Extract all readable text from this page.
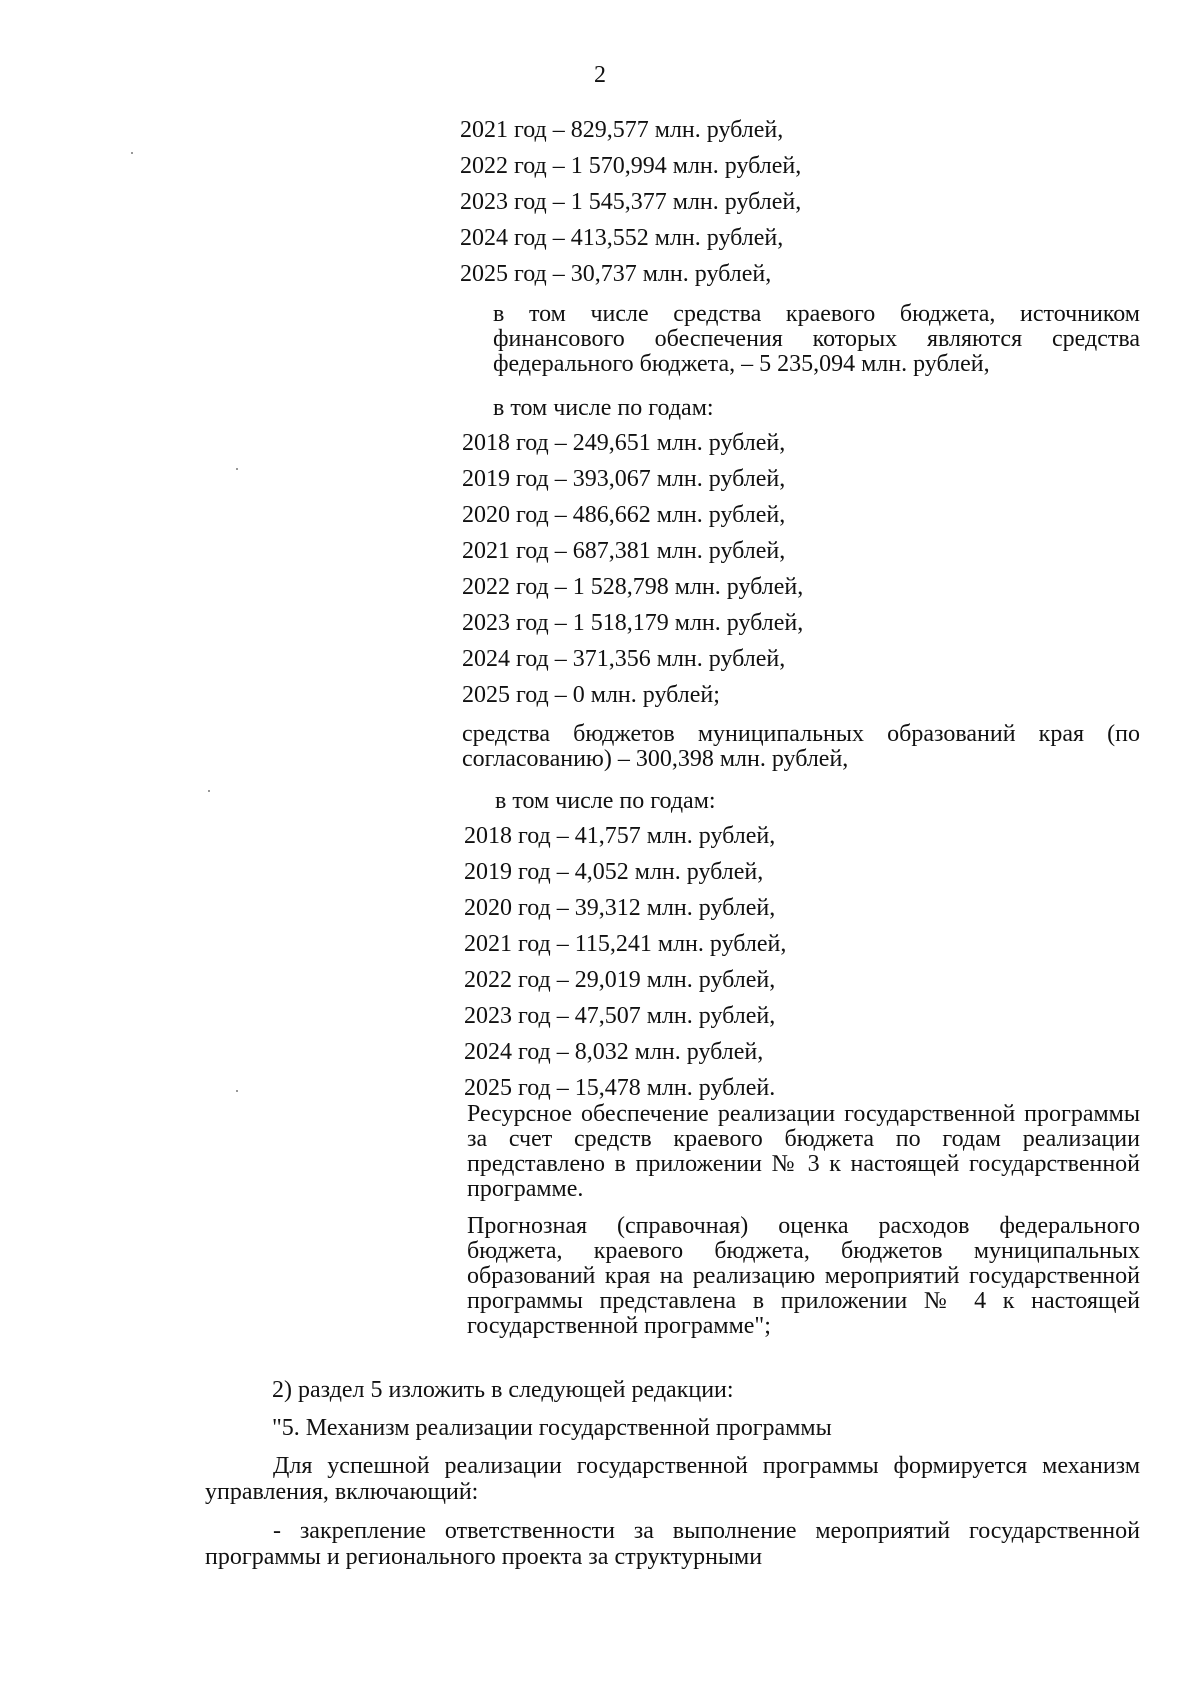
2
2021 год – 829,577 млн. рублей,
2022 год – 1 570,994 млн. рублей,
2023 год – 1 545,377 млн. рублей,
2024 год – 413,552 млн. рублей,
2025 год – 30,737 млн. рублей,
в том числе средства краевого бюджета, источником финансового обеспечения которых являются средства федерального бюджета, – 5 235,094 млн. рублей,
в том числе по годам:
2018 год – 249,651 млн. рублей,
2019 год – 393,067 млн. рублей,
2020 год – 486,662 млн. рублей,
2021 год – 687,381 млн. рублей,
2022 год – 1 528,798 млн. рублей,
2023 год – 1 518,179 млн. рублей,
2024 год – 371,356 млн. рублей,
2025 год – 0 млн. рублей;
средства бюджетов муниципальных образований края (по согласованию) – 300,398 млн. рублей,
в том числе по годам:
2018 год – 41,757 млн. рублей,
2019 год – 4,052 млн. рублей,
2020 год – 39,312 млн. рублей,
2021 год – 115,241 млн. рублей,
2022 год – 29,019 млн. рублей,
2023 год – 47,507 млн. рублей,
2024 год – 8,032 млн. рублей,
2025 год – 15,478 млн. рублей.
Ресурсное обеспечение реализации государственной программы за счет средств краевого бюджета по годам реализации представлено в приложении № 3 к настоящей государственной программе.
Прогнозная (справочная) оценка расходов федерального бюджета, краевого бюджета, бюджетов муниципальных образований края на реализацию мероприятий государственной программы представлена в приложении № 4 к настоящей государственной программе";
2) раздел 5 изложить в следующей редакции:
"5. Механизм реализации государственной программы
Для успешной реализации государственной программы формируется механизм управления, включающий:
- закрепление ответственности за выполнение мероприятий государственной программы и регионального проекта за структурными
